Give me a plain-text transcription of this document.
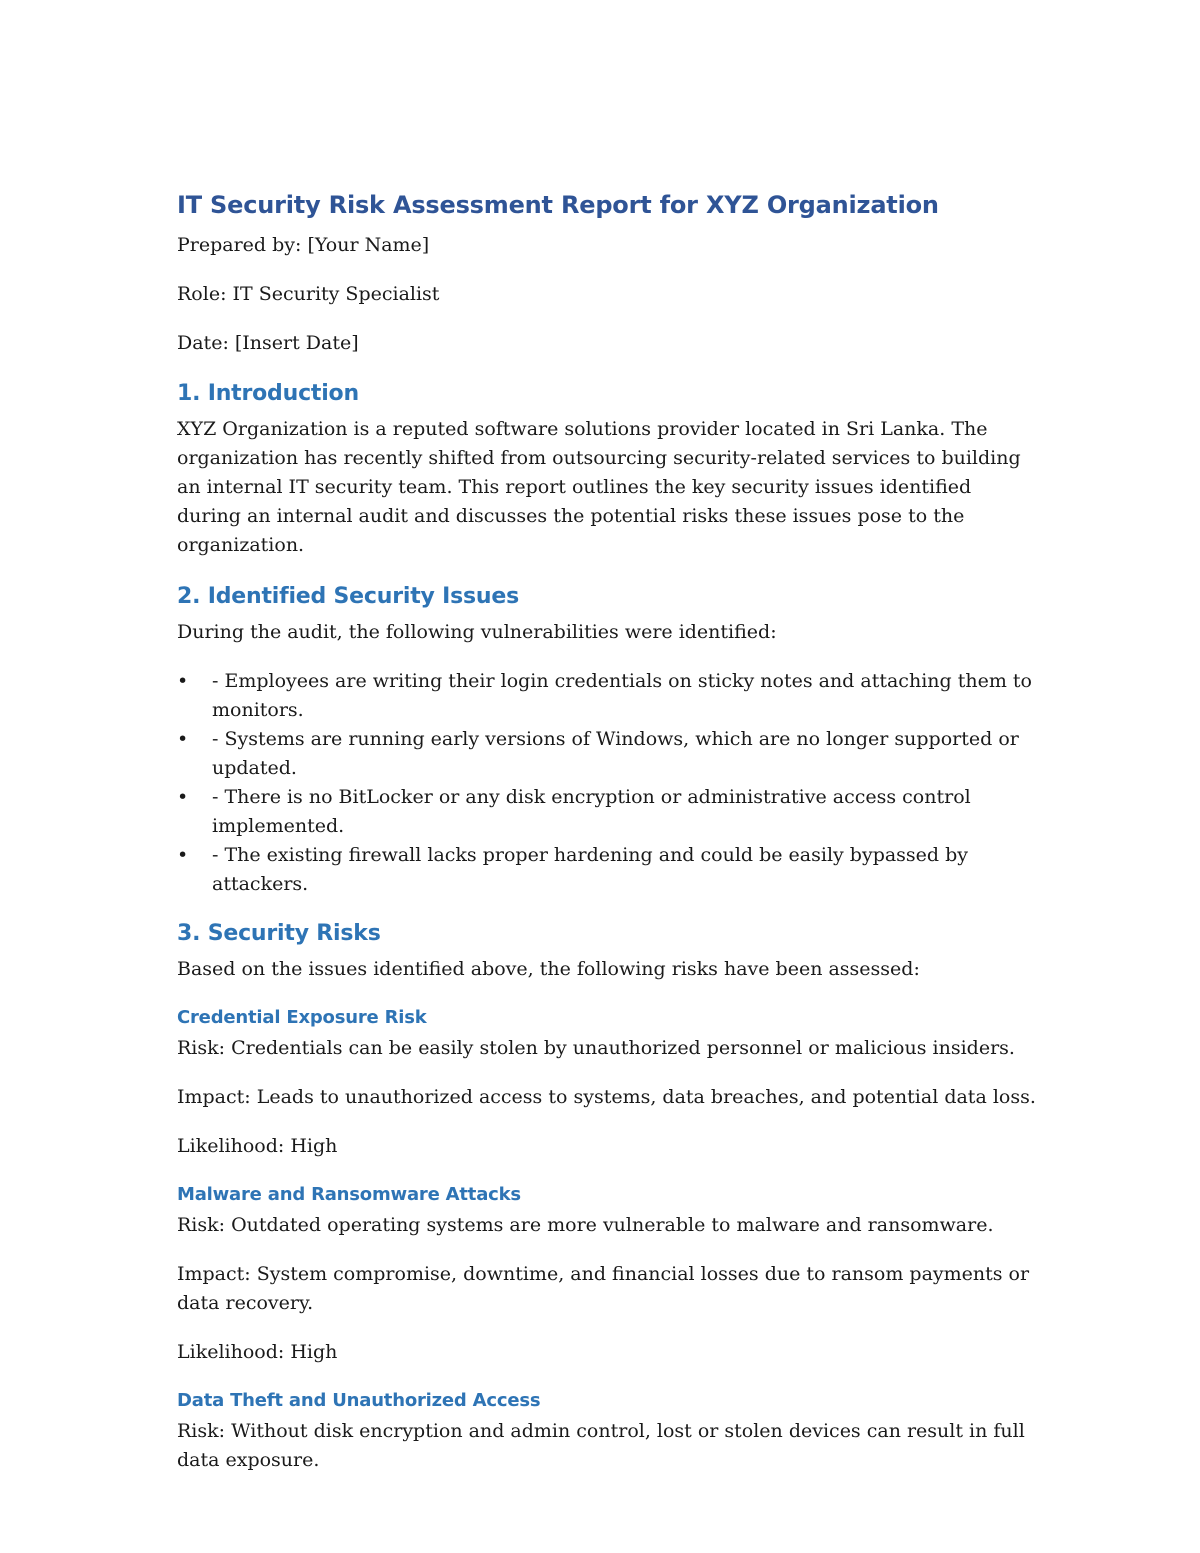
IT Security Risk Assessment Report for XYZ Organization

Prepared by: [Your Name]

Role: IT Security Specialist

Date: [Insert Date]

1. Introduction

XYZ Organization is a reputed software solutions provider located in Sri Lanka. The organization has recently shifted from outsourcing security-related services to building an internal IT security team. This report outlines the key security issues identified during an internal audit and discusses the potential risks these issues pose to the organization.

2. Identified Security Issues

During the audit, the following vulnerabilities were identified:

• - Employees are writing their login credentials on sticky notes and attaching them to monitors.
• - Systems are running early versions of Windows, which are no longer supported or updated.
• - There is no BitLocker or any disk encryption or administrative access control implemented.
• - The existing firewall lacks proper hardening and could be easily bypassed by attackers.
3. Security Risks

Based on the issues identified above, the following risks have been assessed:

Credential Exposure Risk

Risk: Credentials can be easily stolen by unauthorized personnel or malicious insiders.

Impact: Leads to unauthorized access to systems, data breaches, and potential data loss.

Likelihood: High

Malware and Ransomware Attacks

Risk: Outdated operating systems are more vulnerable to malware and ransomware.

Impact: System compromise, downtime, and financial losses due to ransom payments or data recovery.

Likelihood: High

Data Theft and Unauthorized Access

Risk: Without disk encryption and admin control, lost or stolen devices can result in full data exposure.
